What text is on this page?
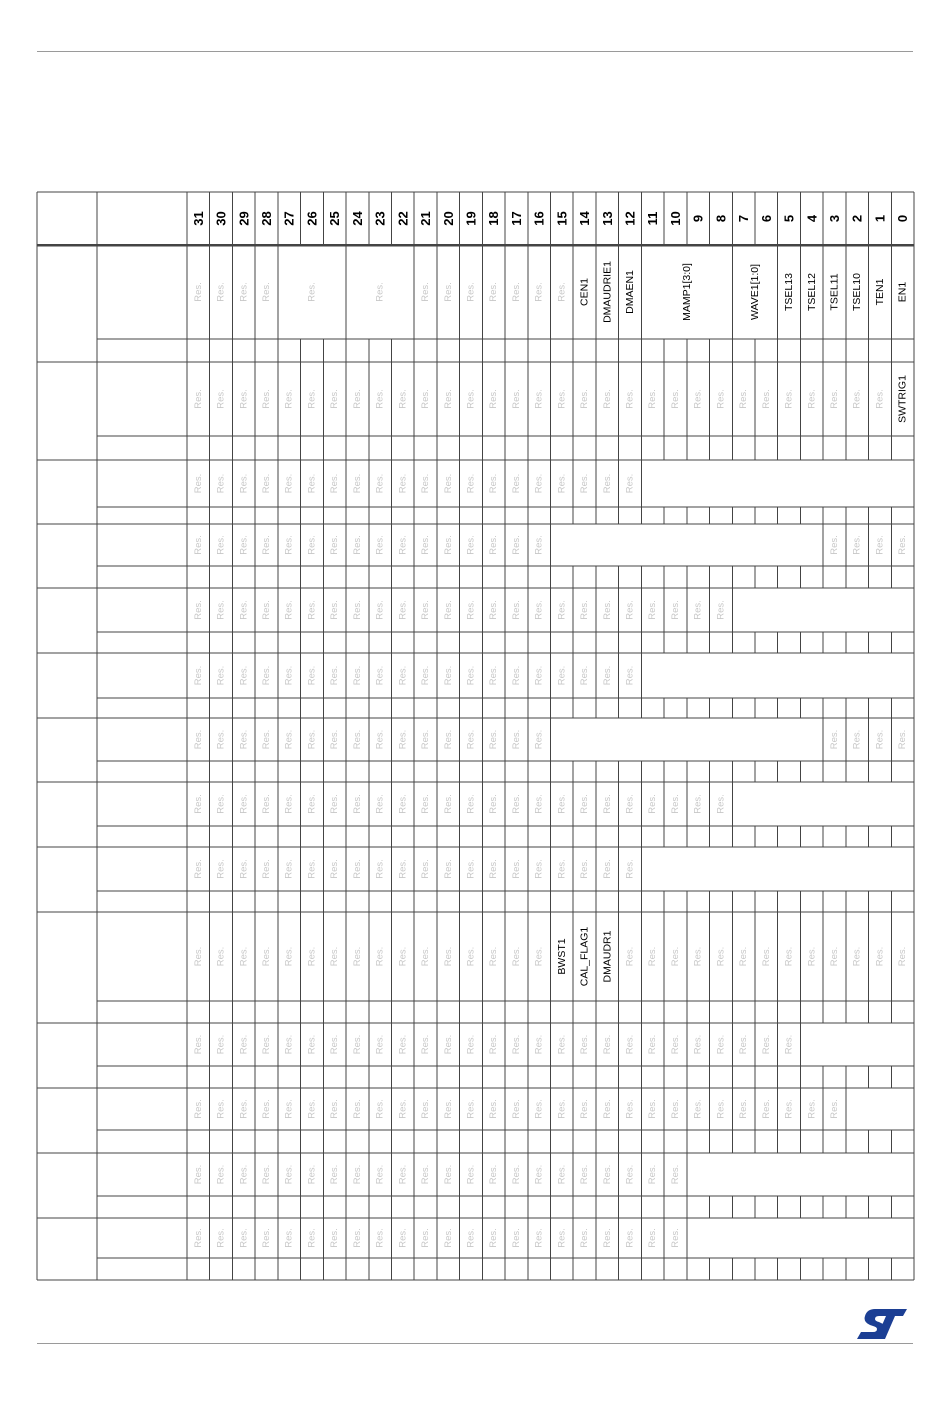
31 30 29 28 27 26 25 24 23 22 21 20 19 18 17 16 15 14 13 12 11 10 9 8 7 6 5 4 3 2 1 0
Res. Res. Res. Res.	Res.	Res.	Res. Res. Res. Res. Res. Res. Res. CEN1 DMAUDRIE1 DMAEN1	MAMP1[3:0]	WAVE1[1:0] TSEL13 TSEL12 TSEL11 TSEL10 TEN1 EN1
Res. Res. Res. Res. Res. Res. Res. Res. Res. Res. Res. Res. Res. Res. Res. Res. Res. Res. Res. Res. Res. Res. Res. Res. Res. Res. Res. Res. Res. Res. Res. SWTRIG1
Res. Res. Res. Res. Res. Res. Res. Res. Res. Res. Res. Res. Res. Res. Res. Res. Res. Res. Res. Res.
Res. Res. Res. Res. Res. Res. Res. Res. Res. Res. Res. Res. Res. Res. Res. Res.	Res. Res. Res. Res.
Res. Res. Res. Res. Res. Res. Res. Res. Res. Res. Res. Res. Res. Res. Res. Res. Res. Res. Res. Res. Res. Res. Res. Res.
Res. Res. Res. Res. Res. Res. Res. Res. Res. Res. Res. Res. Res. Res. Res. Res. Res. Res. Res. Res.
Res. Res. Res. Res. Res. Res. Res. Res. Res. Res. Res. Res. Res. Res. Res. Res.	Res. Res. Res. Res.
Res. Res. Res. Res. Res. Res. Res. Res. Res. Res. Res. Res. Res. Res. Res. Res. Res. Res. Res. Res. Res. Res. Res. Res.
Res. Res. Res. Res. Res. Res. Res. Res. Res. Res. Res. Res. Res. Res. Res. Res. Res. Res. Res. Res.
Res. Res. Res. Res. Res. Res. Res. Res. Res. Res. Res. Res. Res. Res. Res. Res. BWST1 CAL_FLAG1 DMAUDR1 Res. Res. Res. Res. Res. Res. Res. Res. Res. Res. Res. Res. Res.
Res. Res. Res. Res. Res. Res. Res. Res. Res. Res. Res. Res. Res. Res. Res. Res. Res. Res. Res. Res. Res. Res. Res. Res. Res. Res. Res.
Res. Res. Res. Res. Res. Res. Res. Res. Res. Res. Res. Res. Res. Res. Res. Res. Res. Res. Res. Res. Res. Res. Res. Res. Res. Res. Res. Res. Res.
Res. Res. Res. Res. Res. Res. Res. Res. Res. Res. Res. Res. Res. Res. Res. Res. Res. Res. Res. Res. Res. Res.
Res. Res. Res. Res. Res. Res. Res. Res. Res. Res. Res. Res. Res. Res. Res. Res. Res. Res. Res. Res. Res. Res.
